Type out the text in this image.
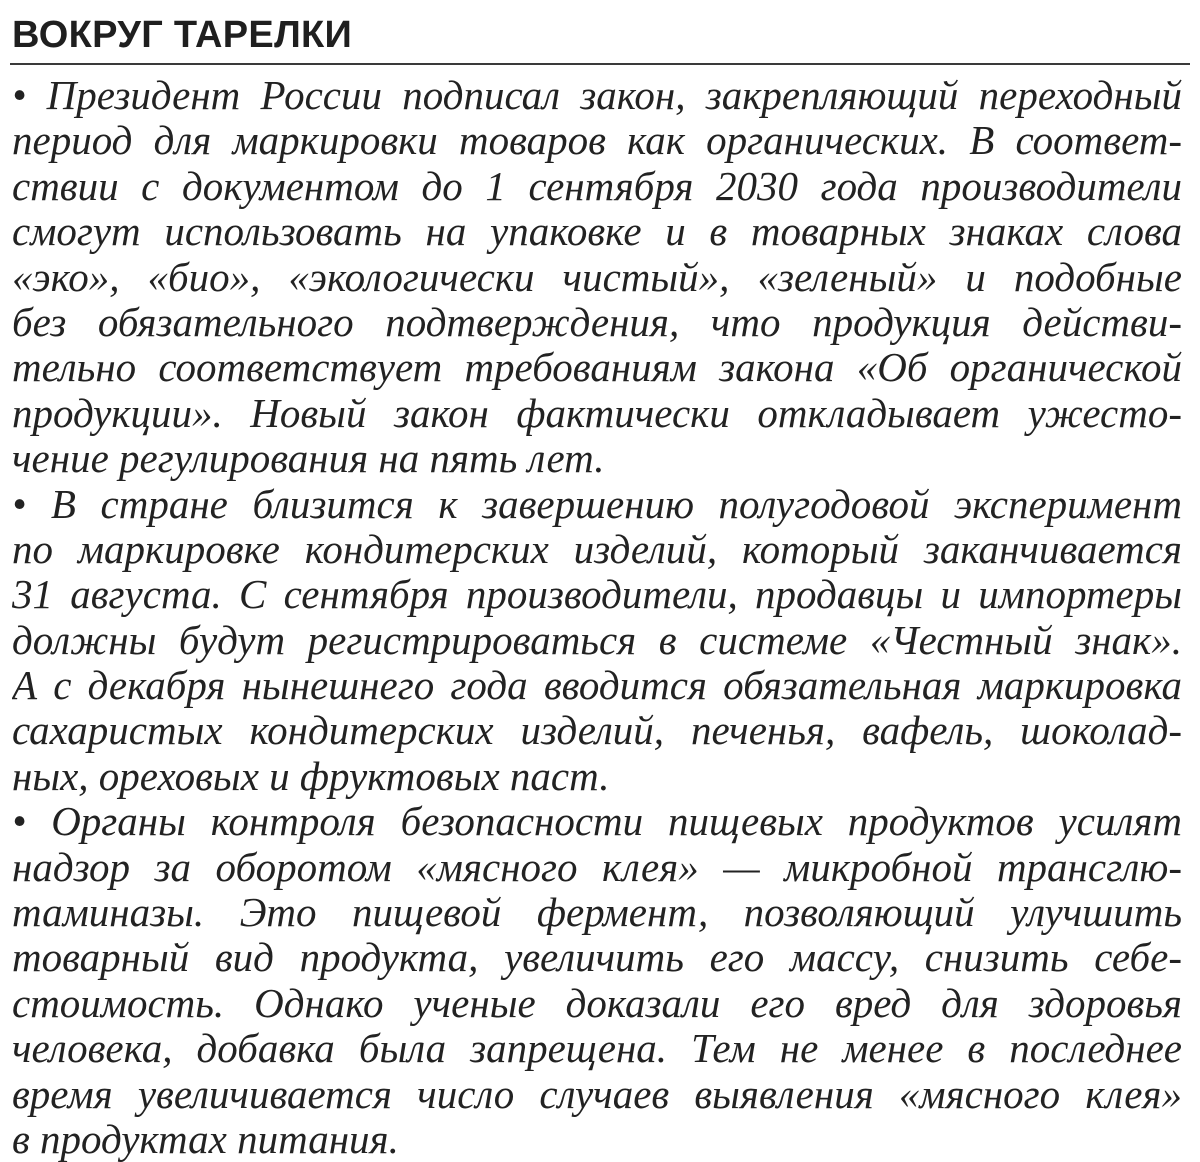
ВОКРУГ ТАРЕЛКИ
• Президент России подписал закон, закрепляющий переходный
период для маркировки товаров как органических. В соответ-
ствии с документом до 1 сентября 2030 года производители
смогут использовать на упаковке и в товарных знаках слова
«эко», «био», «экологически чистый», «зеленый» и подобные
без обязательного подтверждения, что продукция действи-
тельно соответствует требованиям закона «Об органической
продукции». Новый закон фактически откладывает ужесто-
чение регулирования на пять лет.
• В стране близится к завершению полугодовой эксперимент
по маркировке кондитерских изделий, который заканчивается
31 августа. С сентября производители, продавцы и импортеры
должны будут регистрироваться в системе «Честный знак».
А с декабря нынешнего года вводится обязательная маркировка
сахаристых кондитерских изделий, печенья, вафель, шоколад-
ных, ореховых и фруктовых паст.
• Органы контроля безопасности пищевых продуктов усилят
надзор за оборотом «мясного клея» — микробной трансглю-
таминазы. Это пищевой фермент, позволяющий улучшить
товарный вид продукта, увеличить его массу, снизить себе-
стоимость. Однако ученые доказали его вред для здоровья
человека, добавка была запрещена. Тем не менее в последнее
время увеличивается число случаев выявления «мясного клея»
в продуктах питания.
